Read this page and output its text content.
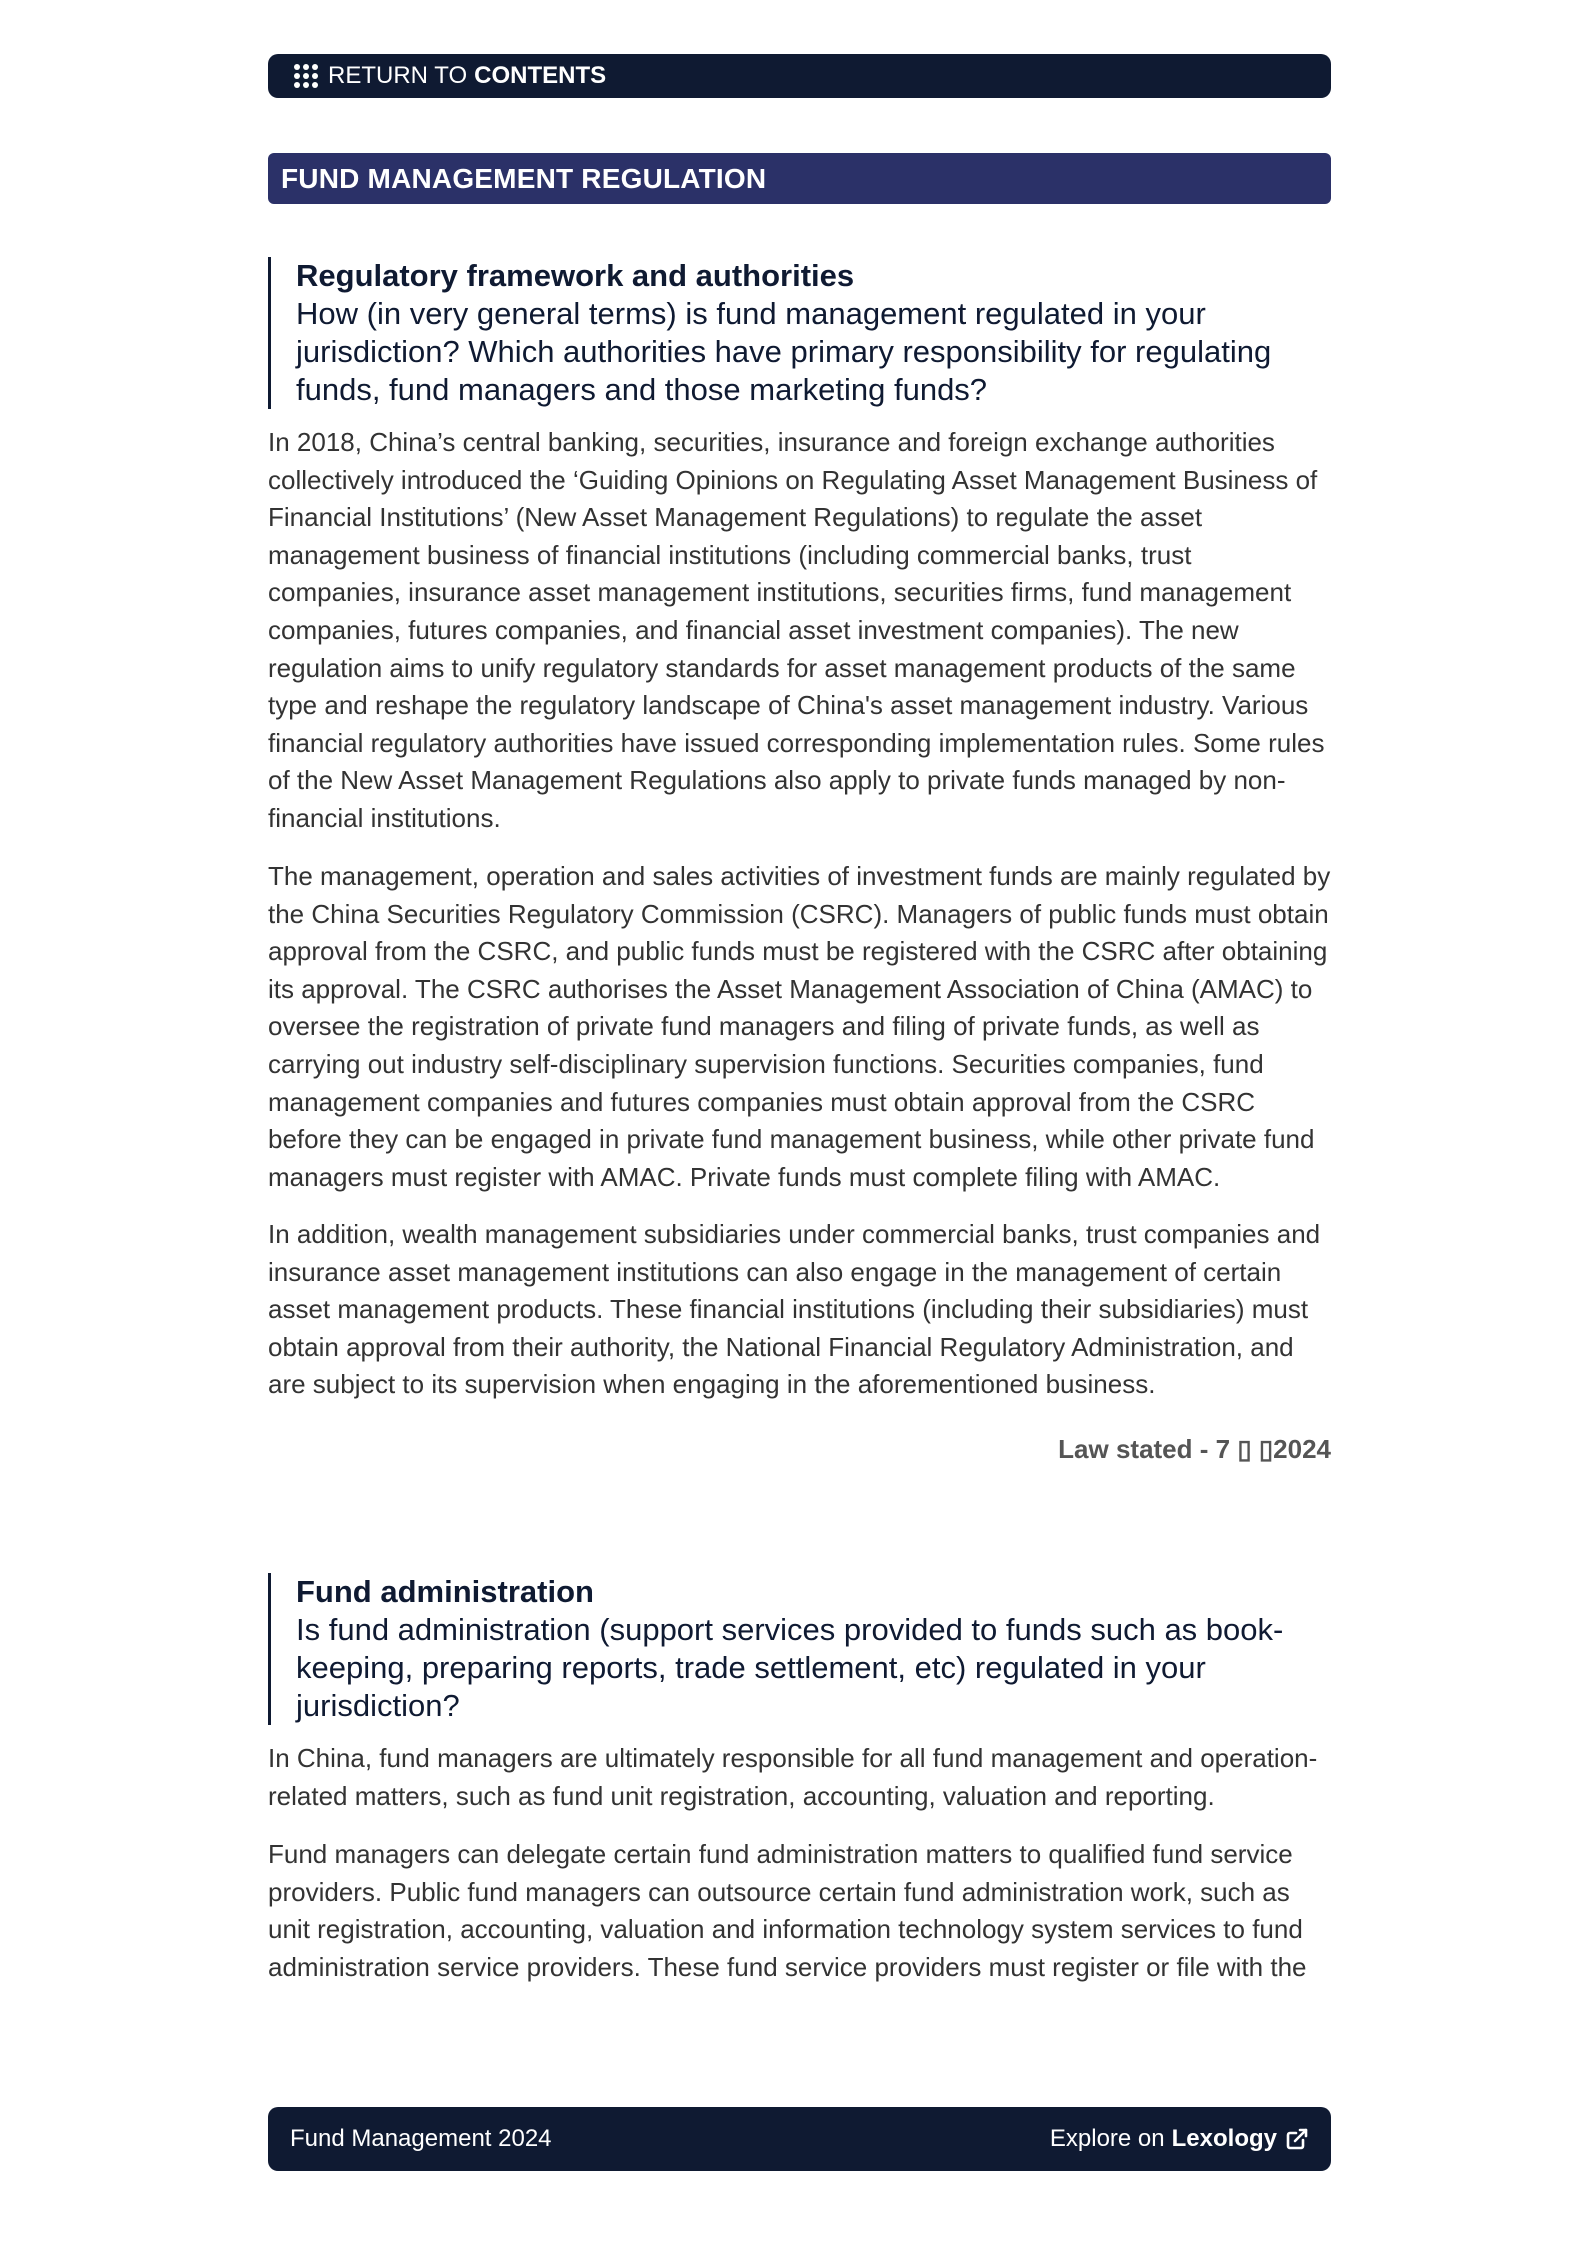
RETURN TO CONTENTS
FUND MANAGEMENT REGULATION
Regulatory framework and authorities
How (in very general terms) is fund management regulated in your jurisdiction? Which authorities have primary responsibility for regulating funds, fund managers and those marketing funds?

In 2018, China’s central banking, securities, insurance and foreign exchange authorities collectively introduced the ‘Guiding Opinions on Regulating Asset Management Business of Financial Institutions’ (New Asset Management Regulations) to regulate the asset management business of financial institutions (including commercial banks, trust companies, insurance asset management institutions, securities firms, fund management companies, futures companies, and financial asset investment companies). The new regulation aims to unify regulatory standards for asset management products of the same type and reshape the regulatory landscape of China's asset management industry. Various financial regulatory authorities have issued corresponding implementation rules. Some rules of the New Asset Management Regulations also apply to private funds managed by non-financial institutions.

The management, operation and sales activities of investment funds are mainly regulated by the China Securities Regulatory Commission (CSRC). Managers of public funds must obtain approval from the CSRC, and public funds must be registered with the CSRC after obtaining its approval. The CSRC authorises the Asset Management Association of China (AMAC) to oversee the registration of private fund managers and filing of private funds, as well as carrying out industry self-disciplinary supervision functions. Securities companies, fund management companies and futures companies must obtain approval from the CSRC before they can be engaged in private fund management business, while other private fund managers must register with AMAC. Private funds must complete filing with AMAC.

In addition, wealth management subsidiaries under commercial banks, trust companies and insurance asset management institutions can also engage in the management of certain asset management products. These financial institutions (including their subsidiaries) must obtain approval from their authority, the National Financial Regulatory Administration, and are subject to its supervision when engaging in the aforementioned business.

Law stated - 7 ▯ ▯2024
Fund administration
Is fund administration (support services provided to funds such as book-keeping, preparing reports, trade settlement, etc) regulated in your jurisdiction?

In China, fund managers are ultimately responsible for all fund management and operation-related matters, such as fund unit registration, accounting, valuation and reporting.

Fund managers can delegate certain fund administration matters to qualified fund service providers. Public fund managers can outsource certain fund administration work, such as unit registration, accounting, valuation and information technology system services to fund administration service providers. These fund service providers must register or file with the

Fund Management 2024	Explore on Lexology
